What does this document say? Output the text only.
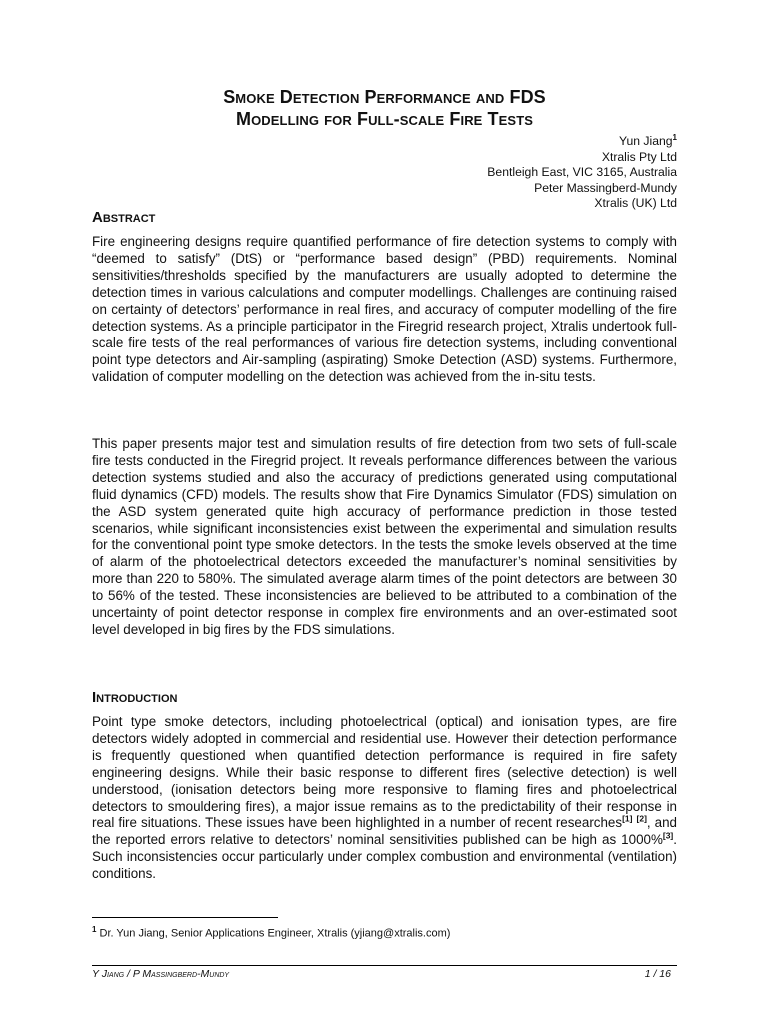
Smoke Detection Performance and FDS
Modelling for Full-scale Fire Tests
Yun Jiang$^1$
Xtralis Pty Ltd
Bentleigh East, VIC 3165, Australia
Peter Massingberd-Mundy
Xtralis (UK) Ltd
Abstract

Fire engineering designs require quantified performance of fire detection systems to comply with “deemed to satisfy” (DtS) or “performance based design” (PBD) requirements. Nominal sensitivities/thresholds specified by the manufacturers are usually adopted to determine the detection times in various calculations and computer modellings. Challenges are continuing raised on certainty of detectors’ performance in real fires, and accuracy of computer modelling of the fire detection systems. As a principle participator in the Firegrid research project, Xtralis undertook full-scale fire tests of the real performances of various fire detection systems, including conventional point type detectors and Air-sampling (aspirating) Smoke Detection (ASD) systems. Furthermore, validation of computer modelling on the detection was achieved from the in-situ tests.

This paper presents major test and simulation results of fire detection from two sets of full-scale fire tests conducted in the Firegrid project. It reveals performance differences between the various detection systems studied and also the accuracy of predictions generated using computational fluid dynamics (CFD) models. The results show that Fire Dynamics Simulator (FDS) simulation on the ASD system generated quite high accuracy of performance prediction in those tested scenarios, while significant inconsistencies exist between the experimental and simulation results for the conventional point type smoke detectors. In the tests the smoke levels observed at the time of alarm of the photoelectrical detectors exceeded the manufacturer’s nominal sensitivities by more than 220 to 580%. The simulated average alarm times of the point detectors are between 30 to 56% of the tested. These inconsistencies are believed to be attributed to a combination of the uncertainty of point detector response in complex fire environments and an over-estimated soot level developed in big fires by the FDS simulations.

Introduction

Point type smoke detectors, including photoelectrical (optical) and ionisation types, are fire detectors widely adopted in commercial and residential use. However their detection performance is frequently questioned when quantified detection performance is required in fire safety engineering designs. While their basic response to different fires (selective detection) is well understood, (ionisation detectors being more responsive to flaming fires and photoelectrical detectors to smouldering fires), a major issue remains as to the predictability of their response in real fire situations. These issues have been highlighted in a number of recent researches[1] [2], and the reported errors relative to detectors’ nominal sensitivities published can be high as 1000%[3]. Such inconsistencies occur particularly under complex combustion and environmental (ventilation) conditions.

$^1$ Dr. Yun Jiang, Senior Applications Engineer, Xtralis (yjiang@xtralis.com)
Y Jiang / P Massingberd-Mundy	1 / 16
